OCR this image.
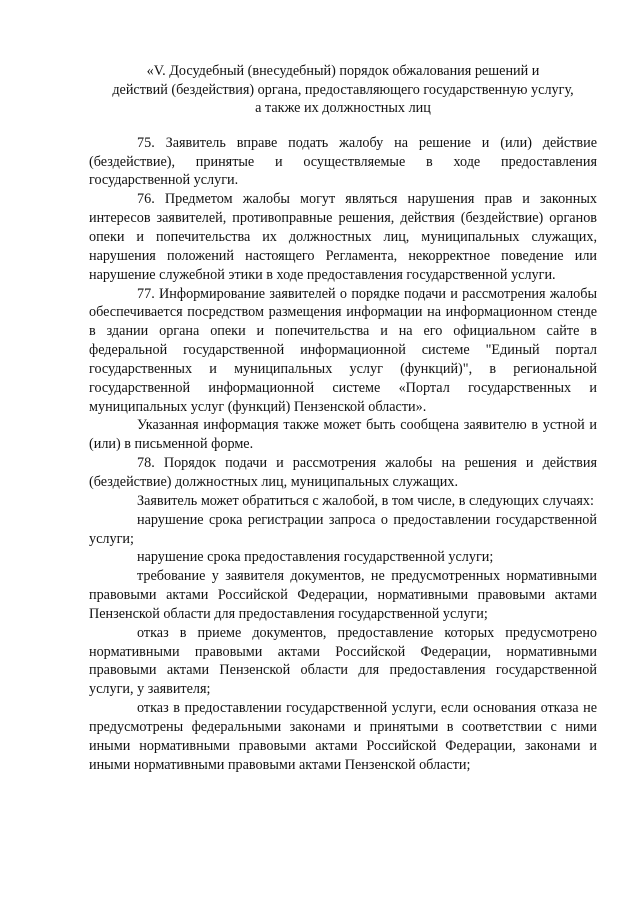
«V. Досудебный (внесудебный) порядок обжалования решений и
действий (бездействия) органа, предоставляющего государственную услугу,
а также их должностных лиц

75. Заявитель вправе подать жалобу на решение и (или) действие (бездействие), принятые и осуществляемые в ходе предоставления государственной услуги.

76. Предметом жалобы могут являться нарушения прав и законных интересов заявителей, противоправные решения, действия (бездействие) органов опеки и попечительства их должностных лиц, муниципальных служащих, нарушения положений настоящего Регламента, некорректное поведение или нарушение служебной этики в ходе предоставления государственной услуги.

77. Информирование заявителей о порядке подачи и рассмотрения жалобы обеспечивается посредством размещения информации на информационном стенде в здании органа опеки и попечительства и на его официальном сайте в федеральной государственной информационной системе "Единый портал государственных и муниципальных услуг (функций)", в региональной государственной информационной системе «Портал государственных и муниципальных услуг (функций) Пензенской области».

Указанная информация также может быть сообщена заявителю в устной и (или) в письменной форме.

78. Порядок подачи и рассмотрения жалобы на решения и действия (бездействие) должностных лиц, муниципальных служащих.

Заявитель может обратиться с жалобой, в том числе, в следующих случаях:

нарушение срока регистрации запроса о предоставлении государственной услуги;

нарушение срока предоставления государственной услуги;

требование у заявителя документов, не предусмотренных нормативными правовыми актами Российской Федерации, нормативными правовыми актами Пензенской области для предоставления государственной услуги;

отказ в приеме документов, предоставление которых предусмотрено нормативными правовыми актами Российской Федерации, нормативными правовыми актами Пензенской области для предоставления государственной услуги, у заявителя;

отказ в предоставлении государственной услуги, если основания отказа не предусмотрены федеральными законами и принятыми в соответствии с ними иными нормативными правовыми актами Российской Федерации, законами и иными нормативными правовыми актами Пензенской области;
